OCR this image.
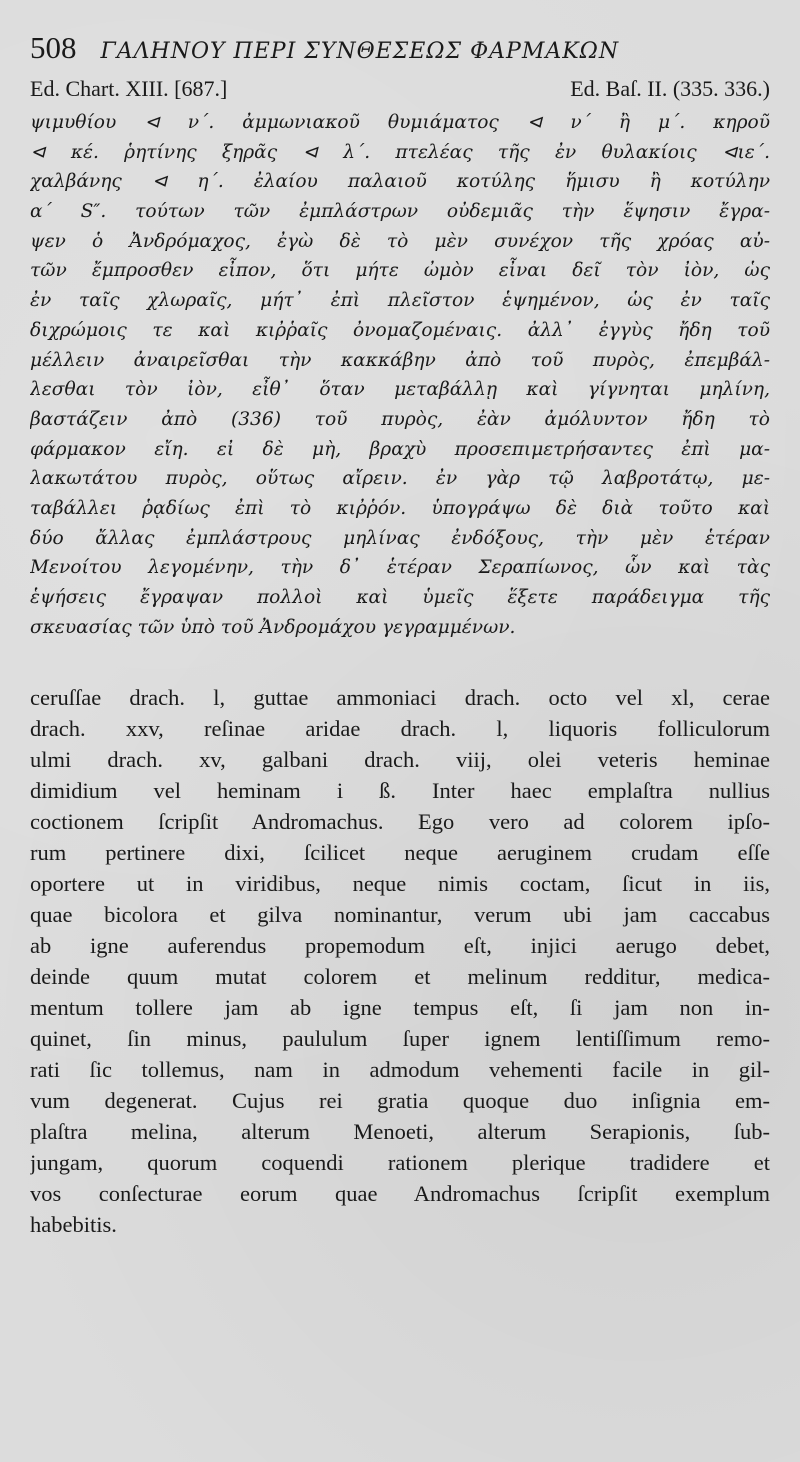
508 ΓΑΛΗΝΟΥ ΠΕΡΙ ΣΥΝΘΕΣΕΩΣ ΦΑΡΜΑΚΩΝ
Ed. Chart. XIII. [687.]	Ed. Baſ. II. (335. 336.)
ψιμυθίου ⊲ ν΄. ἀμμωνιακοῦ θυμιάματος ⊲ ν΄ ἢ μ΄. κηροῦ
⊲ κέ. ῥητίνης ξηρᾶς ⊲ λ΄. πτελέας τῆς ἐν θυλακίοις ⊲ιε΄.
χαλβάνης ⊲ η΄. ἐλαίου παλαιοῦ κοτύλης ἥμισυ ἢ κοτύλην
α΄ S″. τούτων τῶν ἐμπλάστρων οὐδεμιᾶς τὴν ἕψησιν ἔγρα-
ψεν ὁ Ἀνδρόμαχος, ἐγὼ δὲ τὸ μὲν συνέχον τῆς χρόας αὐ-
τῶν ἔμπροσθεν εἶπον, ὅτι μήτε ὠμὸν εἶναι δεῖ τὸν ἰὸν, ὡς
ἐν ταῖς χλωραῖς, μήτ᾽ ἐπὶ πλεῖστον ἑψημένον, ὡς ἐν ταῖς
διχρώμοις τε καὶ κιῤῥαῖς ὀνομαζομέναις. ἀλλ᾽ ἐγγὺς ἤδη τοῦ
μέλλειν ἀναιρεῖσθαι τὴν κακκάβην ἀπὸ τοῦ πυρὸς, ἐπεμβάλ-
λεσθαι τὸν ἰὸν, εἶθ᾽ ὅταν μεταβάλλῃ καὶ γίγνηται μηλίνη,
βαστάζειν ἀπὸ (336) τοῦ πυρὸς, ἐὰν ἀμόλυντον ἤδη τὸ
φάρμακον εἴη. εἰ δὲ μὴ, βραχὺ προσεπιμετρήσαντες ἐπὶ μα-
λακωτάτου πυρὸς, οὕτως αἴρειν. ἐν γὰρ τῷ λαβροτάτῳ, με-
ταβάλλει ῥᾳδίως ἐπὶ τὸ κιῤῥόν. ὑπογράψω δὲ διὰ τοῦτο καὶ
δύο ἄλλας ἐμπλάστρους μηλίνας ἐνδόξους, τὴν μὲν ἑτέραν
Μενοίτου λεγομένην, τὴν δ᾽ ἑτέραν Σεραπίωνος, ὧν καὶ τὰς
ἑψήσεις ἔγραψαν πολλοὶ καὶ ὑμεῖς ἕξετε παράδειγμα τῆς
σκευασίας τῶν ὑπὸ τοῦ Ἀνδρομάχου γεγραμμένων.
ceruſſae drach. l, guttae ammoniaci drach. octo vel xl, cerae
drach. xxv, reſinae aridae drach. l, liquoris folliculorum
ulmi drach. xv, galbani drach. viij, olei veteris heminae
dimidium vel heminam i ß. Inter haec emplaſtra nullius
coctionem ſcripſit Andromachus. Ego vero ad colorem ipſo-
rum pertinere dixi, ſcilicet neque aeruginem crudam eſſe
oportere ut in viridibus, neque nimis coctam, ſicut in iis,
quae bicolora et gilva nominantur, verum ubi jam caccabus
ab igne auferendus propemodum eſt, injici aerugo debet,
deinde quum mutat colorem et melinum redditur, medica-
mentum tollere jam ab igne tempus eſt, ſi jam non in-
quinet, ſin minus, paululum ſuper ignem lentiſſimum remo-
rati ſic tollemus, nam in admodum vehementi facile in gil-
vum degenerat. Cujus rei gratia quoque duo inſignia em-
plaſtra melina, alterum Menoeti, alterum Serapionis, ſub-
jungam, quorum coquendi rationem plerique tradidere et
vos conſecturae eorum quae Andromachus ſcripſit exemplum
habebitis.
